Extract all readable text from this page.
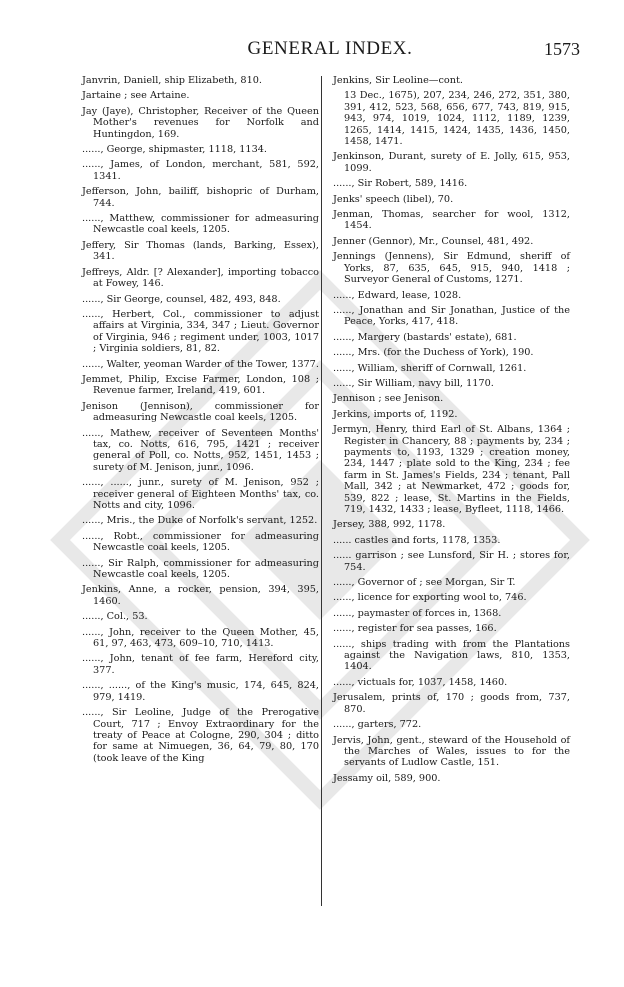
GENERAL INDEX.	1573

Janvrin, Daniell, ship Elizabeth, 810.

Jartaine ; see Artaine.

Jay (Jaye), Christopher, Receiver of the Queen Mother's revenues for Norfolk and Huntingdon, 169.

......, George, shipmaster, 1118, 1134.

......, James, of London, merchant, 581, 592, 1341.

Jefferson, John, bailiff, bishopric of Durham, 744.

......, Matthew, commissioner for admeasuring Newcastle coal keels, 1205.

Jeffery, Sir Thomas (lands, Barking, Essex), 341.

Jeffreys, Aldr. [? Alexander], importing tobacco at Fowey, 146.

......, Sir George, counsel, 482, 493, 848.

......, Herbert, Col., commissioner to adjust affairs at Virginia, 334, 347 ; Lieut. Governor of Virginia, 946 ; regiment under, 1003, 1017 ; Virginia soldiers, 81, 82.

......, Walter, yeoman Warder of the Tower, 1377.

Jemmet, Philip, Excise Farmer, London, 108 ; Revenue farmer, Ireland, 419, 601.

Jenison (Jennison), commissioner for admeasuring Newcastle coal keels, 1205.

......, Mathew, receiver of Seventeen Months' tax, co. Notts, 616, 795, 1421 ; receiver general of Poll, co. Notts, 952, 1451, 1453 ; surety of M. Jenison, junr., 1096.

......, ......, junr., surety of M. Jenison, 952 ; receiver general of Eighteen Months' tax, co. Notts and city, 1096.

......, Mris., the Duke of Norfolk's servant, 1252.

......, Robt., commissioner for admeasuring Newcastle coal keels, 1205.

......, Sir Ralph, commissioner for admeasuring Newcastle coal keels, 1205.

Jenkins, Anne, a rocker, pension, 394, 395, 1460.

......, Col., 53.

......, John, receiver to the Queen Mother, 45, 61, 97, 463, 473, 609–10, 710, 1413.

......, John, tenant of fee farm, Hereford city, 377.

......, ......, of the King's music, 174, 645, 824, 979, 1419.

......, Sir Leoline, Judge of the Prerogative Court, 717 ; Envoy Extraordinary for the treaty of Peace at Cologne, 290, 304 ; ditto for same at Nimuegen, 36, 64, 79, 80, 170 (took leave of the King

Jenkins, Sir Leoline—cont.

13 Dec., 1675), 207, 234, 246, 272, 351, 380, 391, 412, 523, 568, 656, 677, 743, 819, 915, 943, 974, 1019, 1024, 1112, 1189, 1239, 1265, 1414, 1415, 1424, 1435, 1436, 1450, 1458, 1471.

Jenkinson, Durant, surety of E. Jolly, 615, 953, 1099.

......, Sir Robert, 589, 1416.

Jenks' speech (libel), 70.

Jenman, Thomas, searcher for wool, 1312, 1454.

Jenner (Gennor), Mr., Counsel, 481, 492.

Jennings (Jennens), Sir Edmund, sheriff of Yorks, 87, 635, 645, 915, 940, 1418 ; Surveyor General of Customs, 1271.

......, Edward, lease, 1028.

......, Jonathan and Sir Jonathan, Justice of the Peace, Yorks, 417, 418.

......, Margery (bastards' estate), 681.

......, Mrs. (for the Duchess of York), 190.

......, William, sheriff of Cornwall, 1261.

......, Sir William, navy bill, 1170.

Jennison ; see Jenison.

Jerkins, imports of, 1192.

Jermyn, Henry, third Earl of St. Albans, 1364 ; Register in Chancery, 88 ; payments by, 234 ; payments to, 1193, 1329 ; creation money, 234, 1447 ; plate sold to the King, 234 ; fee farm in St. James's Fields, 234 ; tenant, Pall Mall, 342 ; at Newmarket, 472 ; goods for, 539, 822 ; lease, St. Martins in the Fields, 719, 1432, 1433 ; lease, Byfleet, 1118, 1466.

Jersey, 388, 992, 1178.

...... castles and forts, 1178, 1353.

...... garrison ; see Lunsford, Sir H. ; stores for, 754.

......, Governor of ; see Morgan, Sir T.

......, licence for exporting wool to, 746.

......, paymaster of forces in, 1368.

......, register for sea passes, 166.

......, ships trading with from the Plantations against the Navigation laws, 810, 1353, 1404.

......, victuals for, 1037, 1458, 1460.

Jerusalem, prints of, 170 ; goods from, 737, 870.

......, garters, 772.

Jervis, John, gent., steward of the Household of the Marches of Wales, issues to for the servants of Ludlow Castle, 151.

Jessamy oil, 589, 900.
